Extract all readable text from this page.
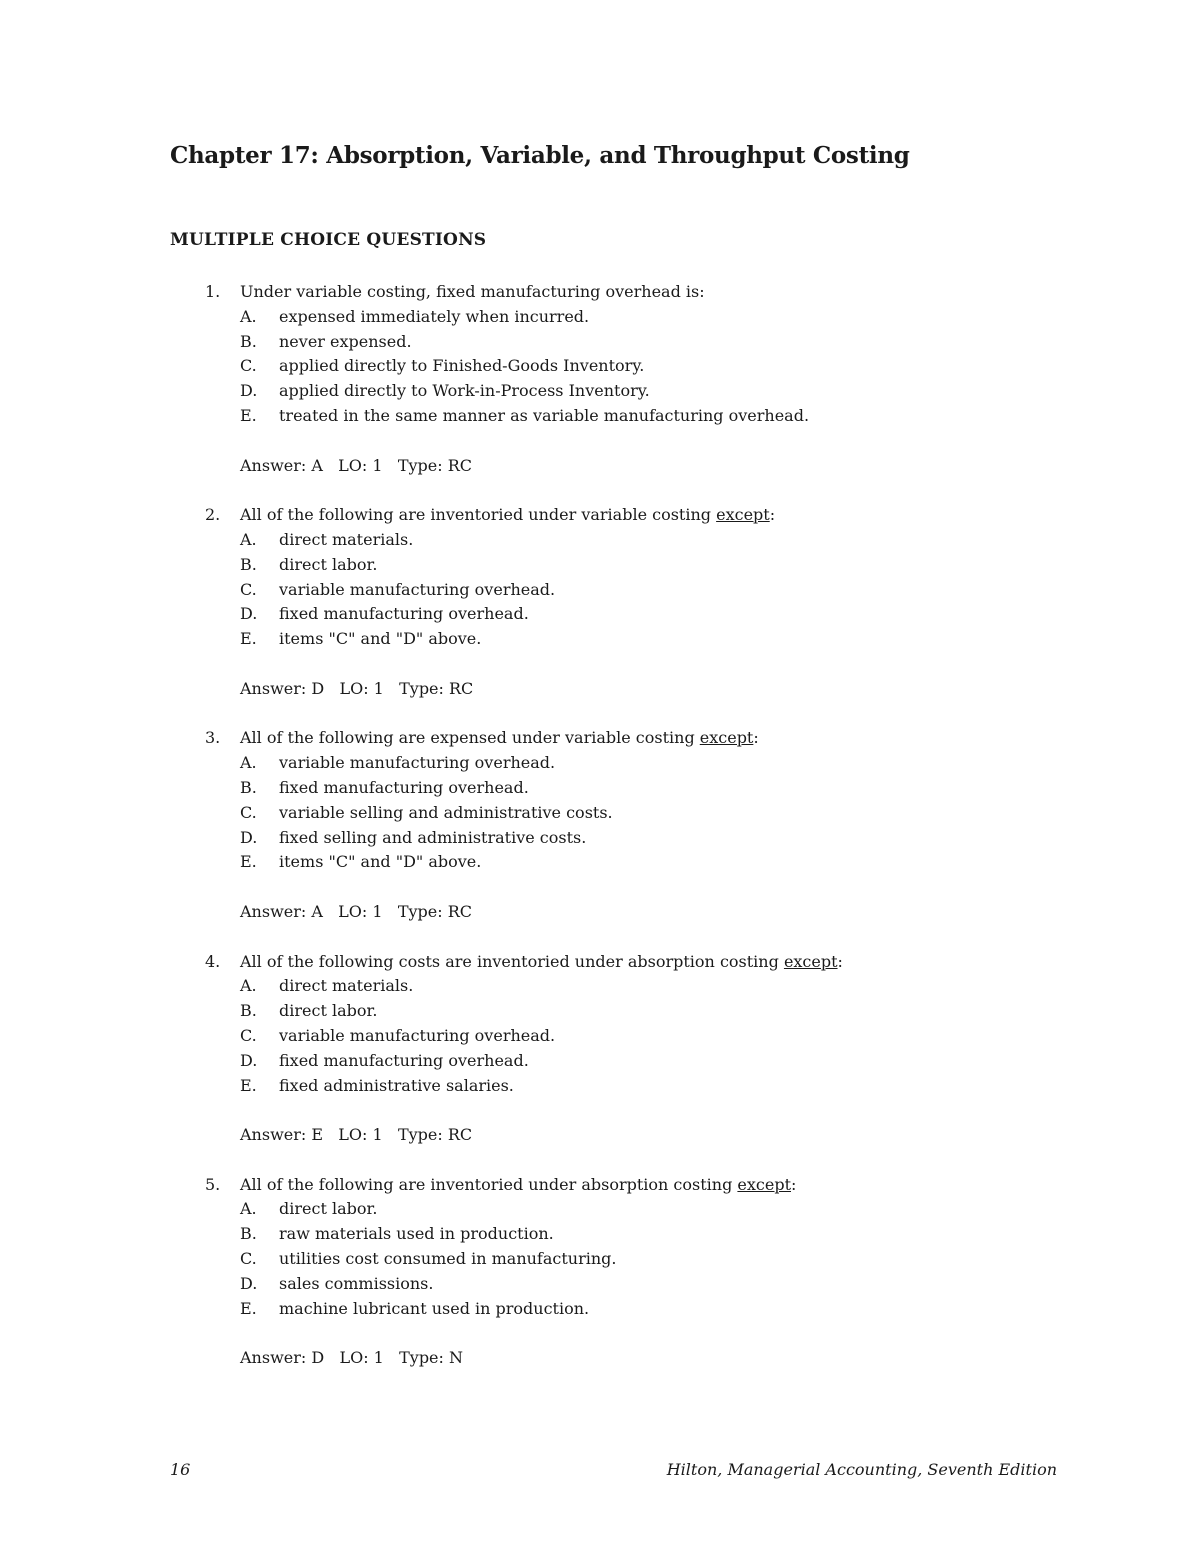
Chapter 17: Absorption, Variable, and Throughput Costing
MULTIPLE CHOICE QUESTIONS
1. Under variable costing, fixed manufacturing overhead is:
A. expensed immediately when incurred.
B. never expensed.
C. applied directly to Finished-Goods Inventory.
D. applied directly to Work-in-Process Inventory.
E. treated in the same manner as variable manufacturing overhead.
Answer: A   LO: 1   Type: RC
2. All of the following are inventoried under variable costing except:
A. direct materials.
B. direct labor.
C. variable manufacturing overhead.
D. fixed manufacturing overhead.
E. items "C" and "D" above.
Answer: D   LO: 1   Type: RC
3. All of the following are expensed under variable costing except:
A. variable manufacturing overhead.
B. fixed manufacturing overhead.
C. variable selling and administrative costs.
D. fixed selling and administrative costs.
E. items "C" and "D" above.
Answer: A   LO: 1   Type: RC
4. All of the following costs are inventoried under absorption costing except:
A. direct materials.
B. direct labor.
C. variable manufacturing overhead.
D. fixed manufacturing overhead.
E. fixed administrative salaries.
Answer: E   LO: 1   Type: RC
5. All of the following are inventoried under absorption costing except:
A. direct labor.
B. raw materials used in production.
C. utilities cost consumed in manufacturing.
D. sales commissions.
E. machine lubricant used in production.
Answer: D   LO: 1   Type: N
16	Hilton, Managerial Accounting, Seventh Edition
